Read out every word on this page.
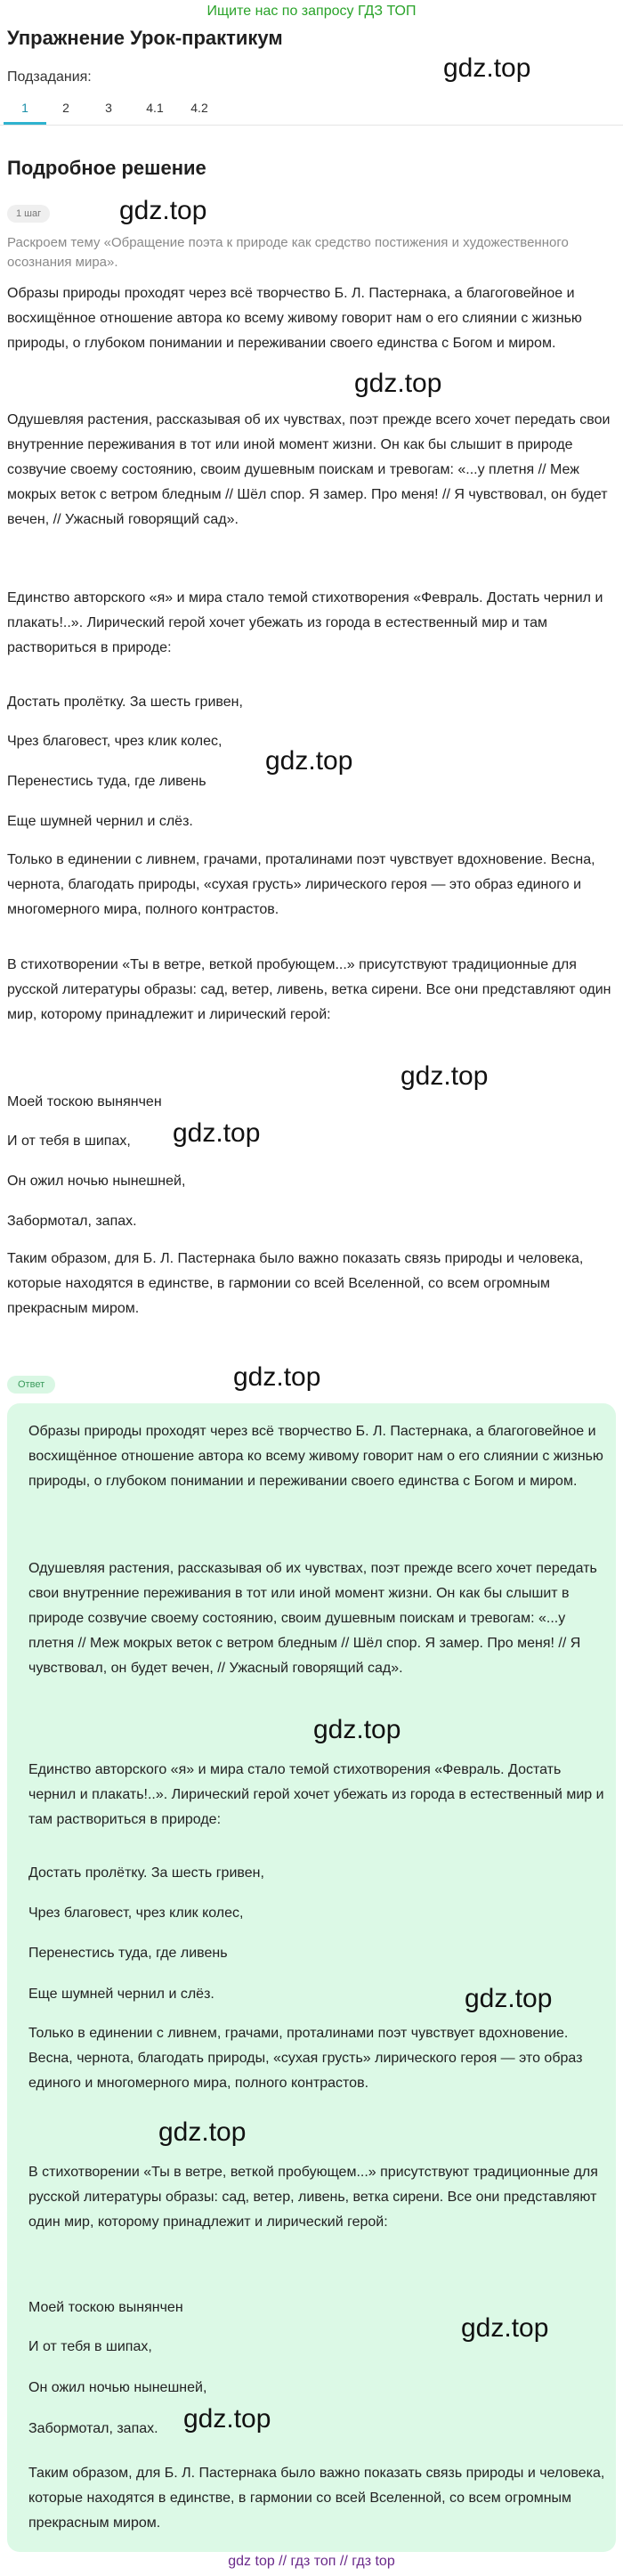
Ищите нас по запросу ГДЗ ТОП
Упражнение Урок-практикум
Подзадания:
1	2	3	4.1	4.2
gdz.top
gdz.top
gdz.top
gdz.top
gdz.top
gdz.top
gdz.top
Подробное решение
1 шаг
Раскроем тему «Обращение поэта к природе как средство постижения и художественного осознания мира».
Образы природы проходят через всё творчество Б. Л. Пастернака, а благоговейное и восхищённое отношение автора ко всему живому говорит нам о его слиянии с жизнью природы, о глубоком понимании и переживании своего единства с Богом и миром.
Одушевляя растения, рассказывая об их чувствах, поэт прежде всего хочет передать свои внутренние переживания в тот или иной момент жизни. Он как бы слышит в природе созвучие своему состоянию, своим душевным поискам и тревогам: «...у плетня // Меж мокрых веток с ветром бледным // Шёл спор. Я замер. Про меня! // Я чувствовал, он будет вечен, // Ужасный говорящий сад».
Единство авторского «я» и мира стало темой стихотворения «Февраль. Достать чернил и плакать!..». Лирический герой хочет убежать из города в естественный мир и там раствориться в природе:
Достать пролётку. За шесть гривен,
Чрез благовест, чрез клик колес,
Перенестись туда, где ливень
Еще шумней чернил и слёз.
Только в единении с ливнем, грачами, проталинами поэт чувствует вдохновение. Весна, чернота, благодать природы, «сухая грусть» лирического героя — это образ единого и многомерного мира, полного контрастов.
В стихотворении «Ты в ветре, веткой пробующем...» присутствуют традиционные для русской литературы образы: сад, ветер, ливень, ветка сирени. Все они представляют один мир, которому принадлежит и лирический герой:
Моей тоскою вынянчен
И от тебя в шипах,
Он ожил ночью нынешней,
Забормотал, запах.
Таким образом, для Б. Л. Пастернака было важно показать связь природы и человека, которые находятся в единстве, в гармонии со всей Вселенной, со всем огромным прекрасным миром.
Ответ
Образы природы проходят через всё творчество Б. Л. Пастернака, а благоговейное и восхищённое отношение автора ко всему живому говорит нам о его слиянии с жизнью природы, о глубоком понимании и переживании своего единства с Богом и миром.
Одушевляя растения, рассказывая об их чувствах, поэт прежде всего хочет передать свои внутренние переживания в тот или иной момент жизни. Он как бы слышит в природе созвучие своему состоянию, своим душевным поискам и тревогам: «...у плетня // Меж мокрых веток с ветром бледным // Шёл спор. Я замер. Про меня! // Я чувствовал, он будет вечен, // Ужасный говорящий сад».
Единство авторского «я» и мира стало темой стихотворения «Февраль. Достать чернил и плакать!..». Лирический герой хочет убежать из города в естественный мир и там раствориться в природе:
Достать пролётку. За шесть гривен,
Чрез благовест, чрез клик колес,
Перенестись туда, где ливень
Еще шумней чернил и слёз.
Только в единении с ливнем, грачами, проталинами поэт чувствует вдохновение. Весна, чернота, благодать природы, «сухая грусть» лирического героя — это образ единого и многомерного мира, полного контрастов.
В стихотворении «Ты в ветре, веткой пробующем...» присутствуют традиционные для русской литературы образы: сад, ветер, ливень, ветка сирени. Все они представляют один мир, которому принадлежит и лирический герой:
Моей тоскою вынянчен
И от тебя в шипах,
Он ожил ночью нынешней,
Забормотал, запах.
Таким образом, для Б. Л. Пастернака было важно показать связь природы и человека, которые находятся в единстве, в гармонии со всей Вселенной, со всем огромным прекрасным миром.
gdz.top
gdz.top
gdz.top
gdz.top
gdz.top
gdz top // гдз топ // гдз top
